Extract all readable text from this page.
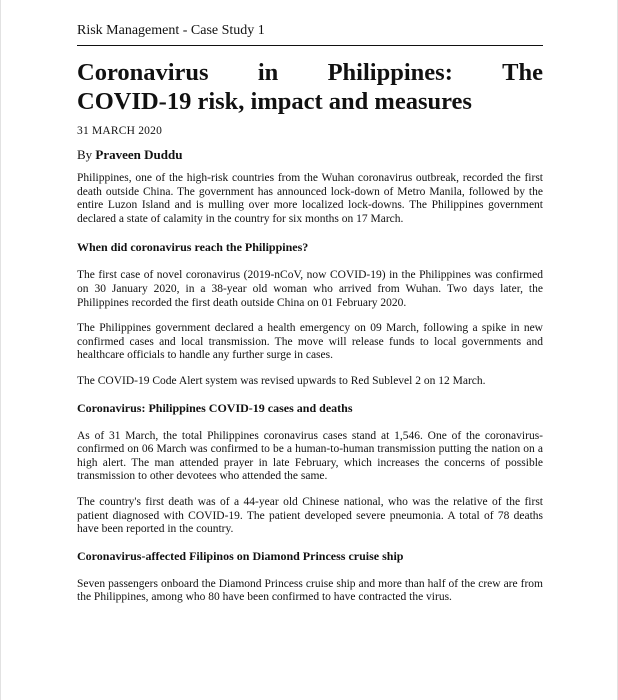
Risk Management - Case Study 1
Coronavirus in Philippines: The
COVID-19 risk, impact and measures
31 MARCH 2020
By Praveen Duddu

Philippines, one of the high-risk countries from the Wuhan coronavirus outbreak, recorded the first death outside China. The government has announced lock-down of Metro Manila, followed by the entire Luzon Island and is mulling over more localized lock-downs. The Philippines government declared a state of calamity in the country for six months on 17 March.

When did coronavirus reach the Philippines?

The first case of novel coronavirus (2019-nCoV, now COVID-19) in the Philippines was confirmed on 30 January 2020, in a 38-year old woman who arrived from Wuhan. Two days later, the Philippines recorded the first death outside China on 01 February 2020.

The Philippines government declared a health emergency on 09 March, following a spike in new confirmed cases and local transmission. The move will release funds to local governments and healthcare officials to handle any further surge in cases.

The COVID-19 Code Alert system was revised upwards to Red Sublevel 2 on 12 March.

Coronavirus: Philippines COVID-19 cases and deaths

As of 31 March, the total Philippines coronavirus cases stand at 1,546. One of the coronavirus-confirmed on 06 March was confirmed to be a human-to-human transmission putting the nation on a high alert. The man attended prayer in late February, which increases the concerns of possible transmission to other devotees who attended the same.

The country's first death was of a 44-year old Chinese national, who was the relative of the first patient diagnosed with COVID-19. The patient developed severe pneumonia. A total of 78 deaths have been reported in the country.

Coronavirus-affected Filipinos on Diamond Princess cruise ship

Seven passengers onboard the Diamond Princess cruise ship and more than half of the crew are from the Philippines, among who 80 have been confirmed to have contracted the virus.
